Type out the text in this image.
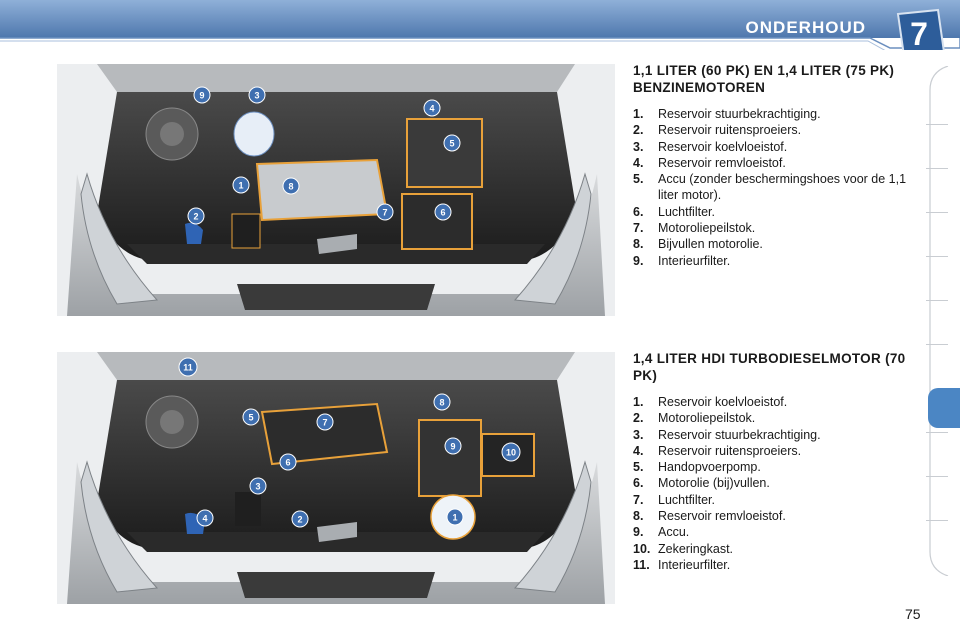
ONDERHOUD	7
1
2
3
4
5
6
7
8
9
1
2
3
4
5
6
7
8
9
10
11
1,1 LITER (60 PK) EN 1,4 LITER (75 PK) BENZINEMOTOREN
1.	Reservoir stuurbekrachtiging.
2.	Reservoir ruitensproeiers.
3.	Reservoir koelvloeistof.
4.	Reservoir remvloeistof.
5.	Accu (zonder beschermingshoes voor de 1,1 liter motor).
6.	Luchtfilter.
7.	Motoroliepeilstok.
8.	Bijvullen motorolie.
9.	Interieurfilter.
1,4 LITER HDI TURBODIESELMOTOR (70 PK)
1.	Reservoir koelvloeistof.
2.	Motoroliepeilstok.
3.	Reservoir stuurbekrachtiging.
4.	Reservoir ruitensproeiers.
5.	Handopvoerpomp.
6.	Motorolie (bij)vullen.
7.	Luchtfilter.
8.	Reservoir remvloeistof.
9.	Accu.
10. Zekeringkast.
11. Interieurfilter.
75
